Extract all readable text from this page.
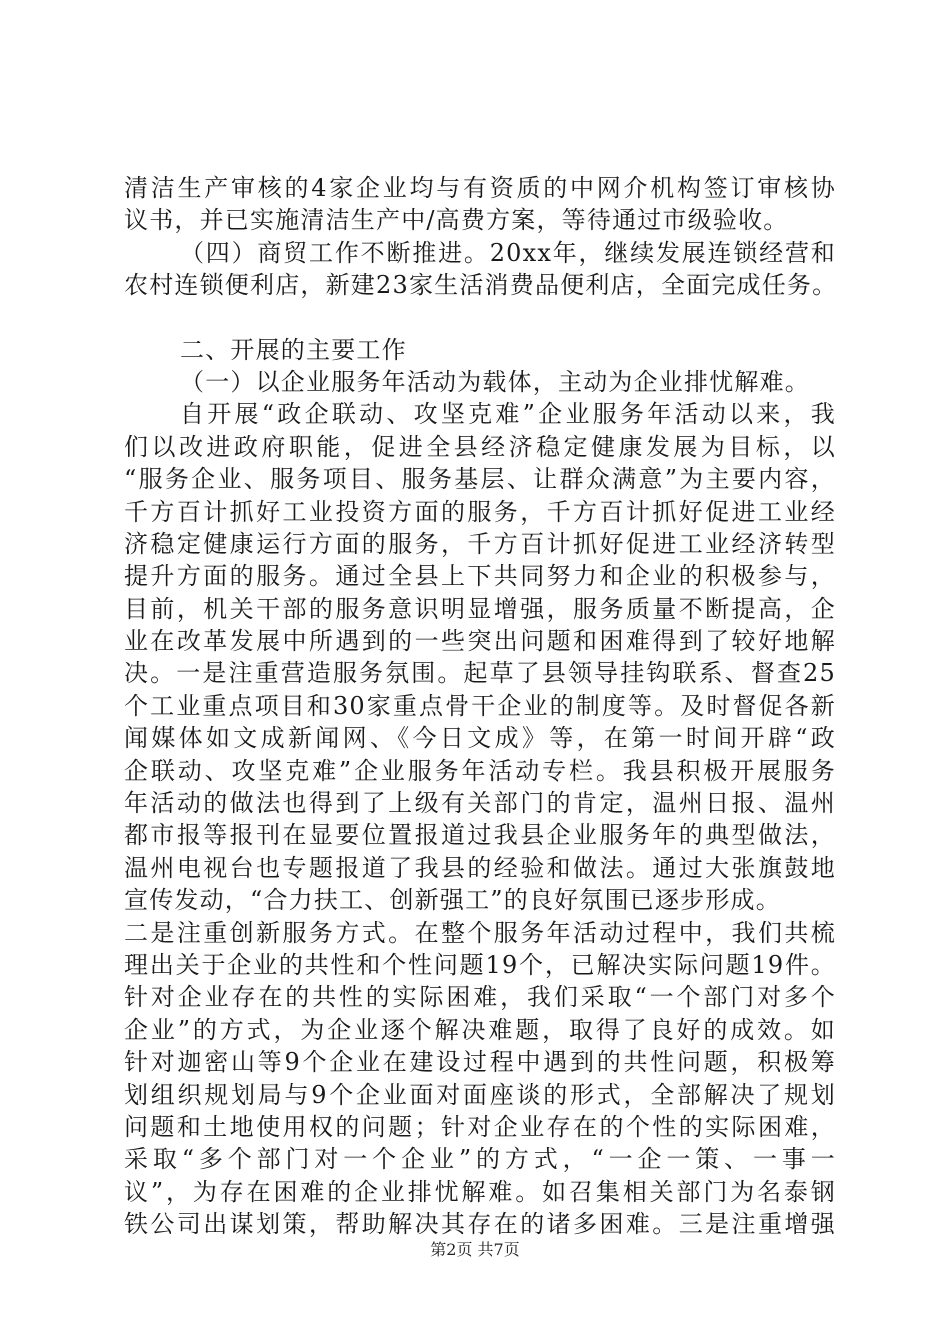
清洁生产审核的4家企业均与有资质的中网介机构签订审核协
议书，并已实施清洁生产中/高费方案，等待通过市级验收。
（四）商贸工作不断推进。20xx年，继续发展连锁经营和
农村连锁便利店，新建23家生活消费品便利店，全面完成任务。
二、开展的主要工作
（一）以企业服务年活动为载体，主动为企业排忧解难。
自开展“政企联动、攻坚克难”企业服务年活动以来，我
们以改进政府职能，促进全县经济稳定健康发展为目标，以
“服务企业、服务项目、服务基层、让群众满意”为主要内容，
千方百计抓好工业投资方面的服务，千方百计抓好促进工业经
济稳定健康运行方面的服务，千方百计抓好促进工业经济转型
提升方面的服务。通过全县上下共同努力和企业的积极参与，
目前，机关干部的服务意识明显增强，服务质量不断提高，企
业在改革发展中所遇到的一些突出问题和困难得到了较好地解
决。一是注重营造服务氛围。起草了县领导挂钩联系、督查25
个工业重点项目和30家重点骨干企业的制度等。及时督促各新
闻媒体如文成新闻网、《今日文成》等，在第一时间开辟“政
企联动、攻坚克难”企业服务年活动专栏。我县积极开展服务
年活动的做法也得到了上级有关部门的肯定，温州日报、温州
都市报等报刊在显要位置报道过我县企业服务年的典型做法，
温州电视台也专题报道了我县的经验和做法。通过大张旗鼓地
宣传发动，“合力扶工、创新强工”的良好氛围已逐步形成。
二是注重创新服务方式。在整个服务年活动过程中，我们共梳
理出关于企业的共性和个性问题19个，已解决实际问题19件。
针对企业存在的共性的实际困难，我们采取“一个部门对多个
企业”的方式，为企业逐个解决难题，取得了良好的成效。如
针对迦密山等9个企业在建设过程中遇到的共性问题，积极筹
划组织规划局与9个企业面对面座谈的形式，全部解决了规划
问题和土地使用权的问题；针对企业存在的个性的实际困难，
采取“多个部门对一个企业”的方式，“一企一策、一事一
议”，为存在困难的企业排忧解难。如召集相关部门为名泰钢
铁公司出谋划策，帮助解决其存在的诸多困难。三是注重增强
第2页 共7页
